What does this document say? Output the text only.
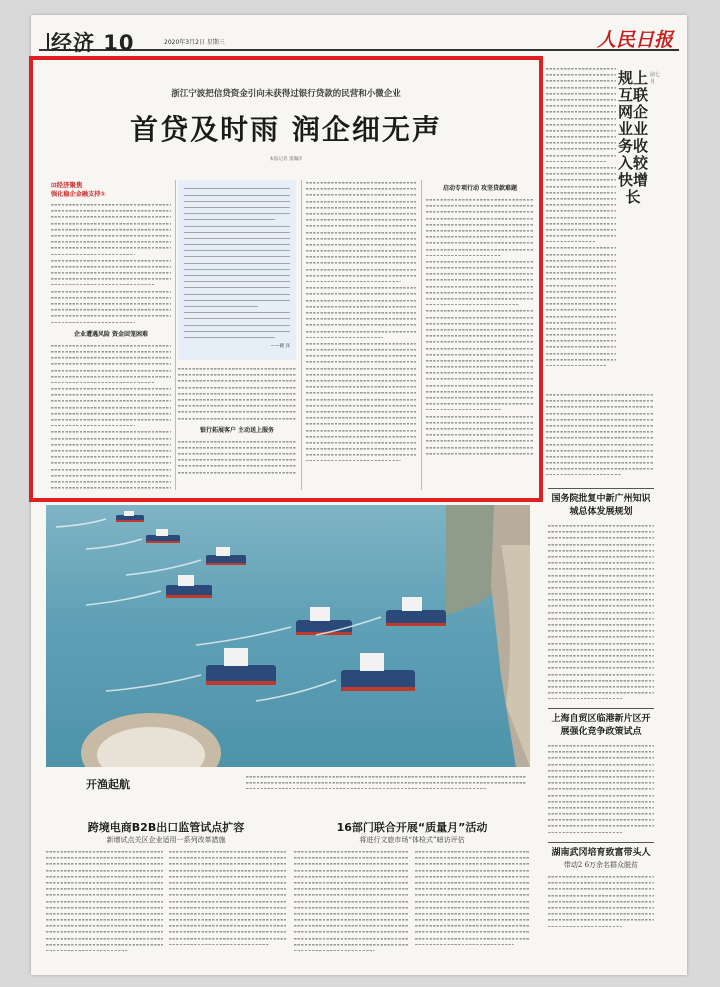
经济 10	2020年3月2日 星期三	人民日报
浙江宁波把信贷资金引向未获得过银行贷款的民营和小微企业
首贷及时雨 润企细无声
本报记者 窦瀚洋
⊡经济聚焦
强化稳企金融支持①
企业遭遇风险 资金回笼困难
——晓 泽
银行拓展客户 主动送上服务
启动专项行动 攻坚贷款难题
前七月
规上互联网企业业务收入较快增长
国务院批复中新广州知识城总体发展规划
上海自贸区临港新片区开展强化竞争政策试点
湖南武冈培育致富带头人
带动2 6万余名群众脱贫
开渔起航
跨境电商B2B出口监管试点扩容
新增试点关区企业适用一系列改革措施
16部门联合开展“质量月”活动
将进行文旅市场“体检式”暗访评估
